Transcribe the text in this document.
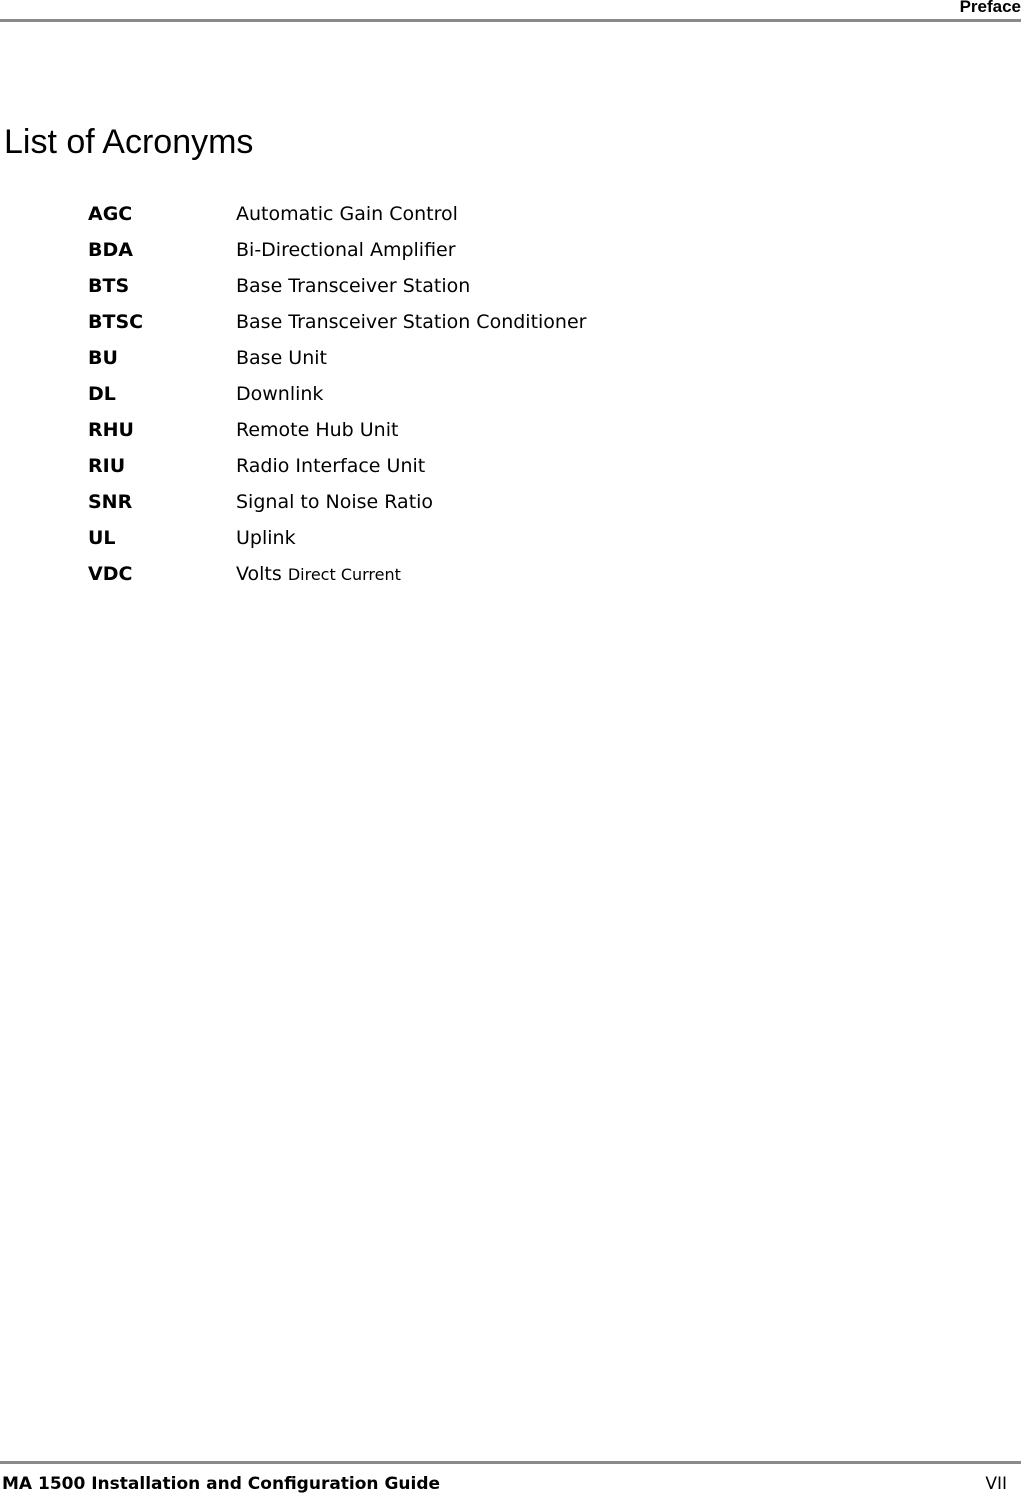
Preface
List of Acronyms
AGC	Automatic Gain Control
BDA	Bi-Directional Amplifier
BTS	Base Transceiver Station
BTSC	Base Transceiver Station Conditioner
BU	Base Unit
DL	Downlink
RHU	Remote Hub Unit
RIU	Radio Interface Unit
SNR	Signal to Noise Ratio
UL	Uplink
VDC	Volts Direct Current
MA 1500 Installation and Configuration Guide	VII
